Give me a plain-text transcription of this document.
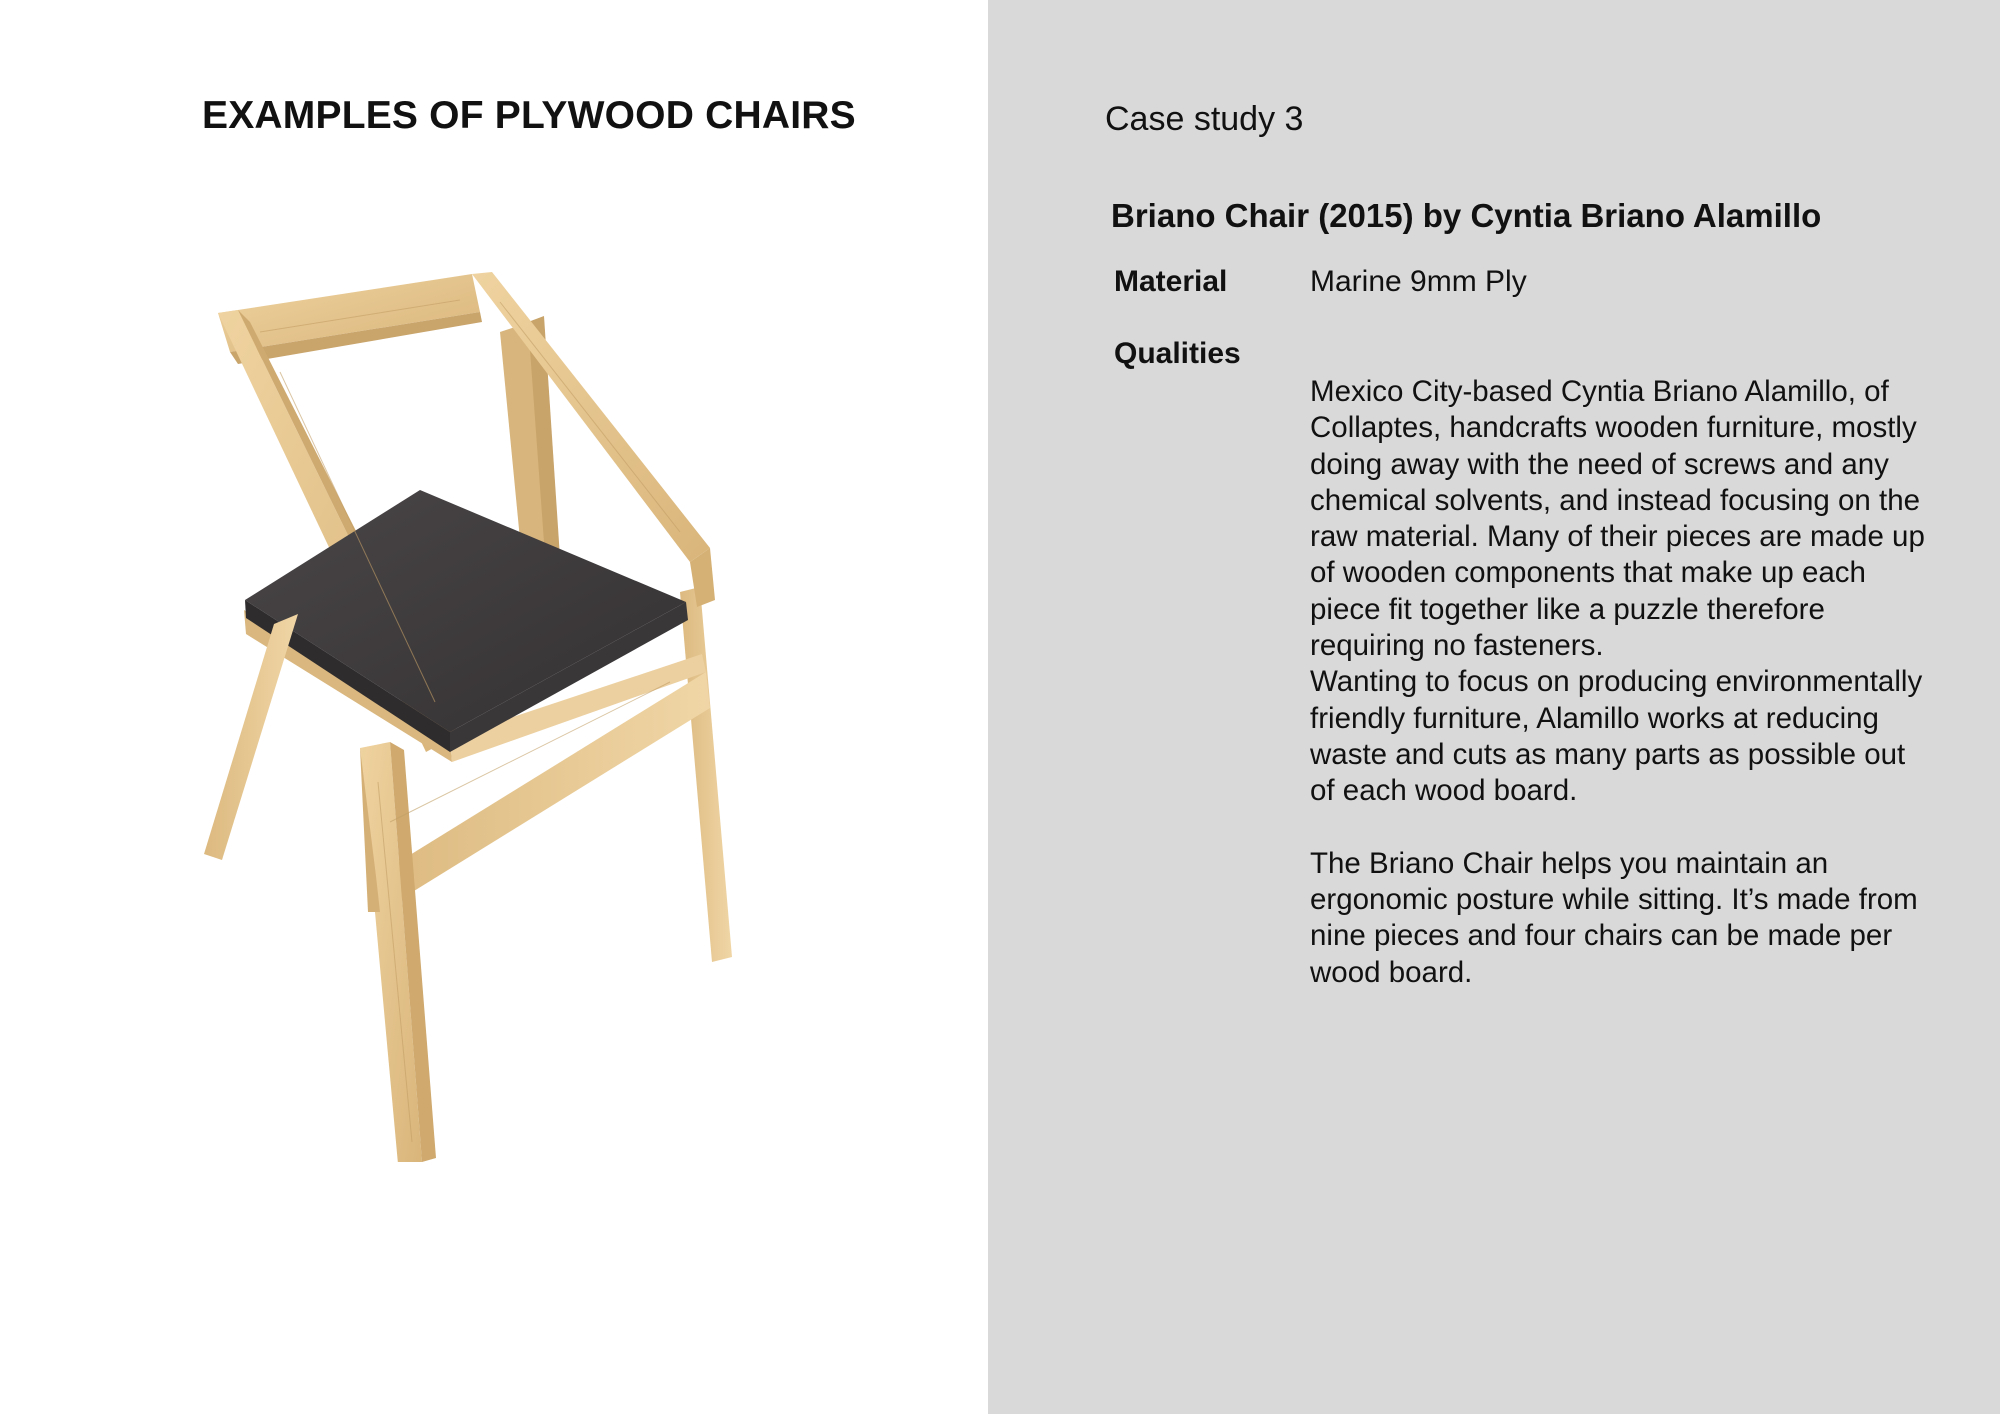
EXAMPLES OF PLYWOOD CHAIRS	Case study 3
Briano Chair (2015) by Cyntia Briano Alamillo
Material	Marine 9mm Ply
Qualities

Mexico City-based Cyntia Briano Alamillo, of Collaptes, handcrafts wooden furniture, mostly doing away with the need of screws and any chemical solvents, and instead focusing on the raw material. Many of their pieces are made up of wooden components that make up each piece fit together like a puzzle therefore requiring no fasteners.

Wanting to focus on producing environmentally friendly furniture, Alamillo works at reducing waste and cuts as many parts as possible out of each wood board.

The Briano Chair helps you maintain an ergonomic posture while sitting. It’s made from nine pieces and four chairs can be made per wood board.
